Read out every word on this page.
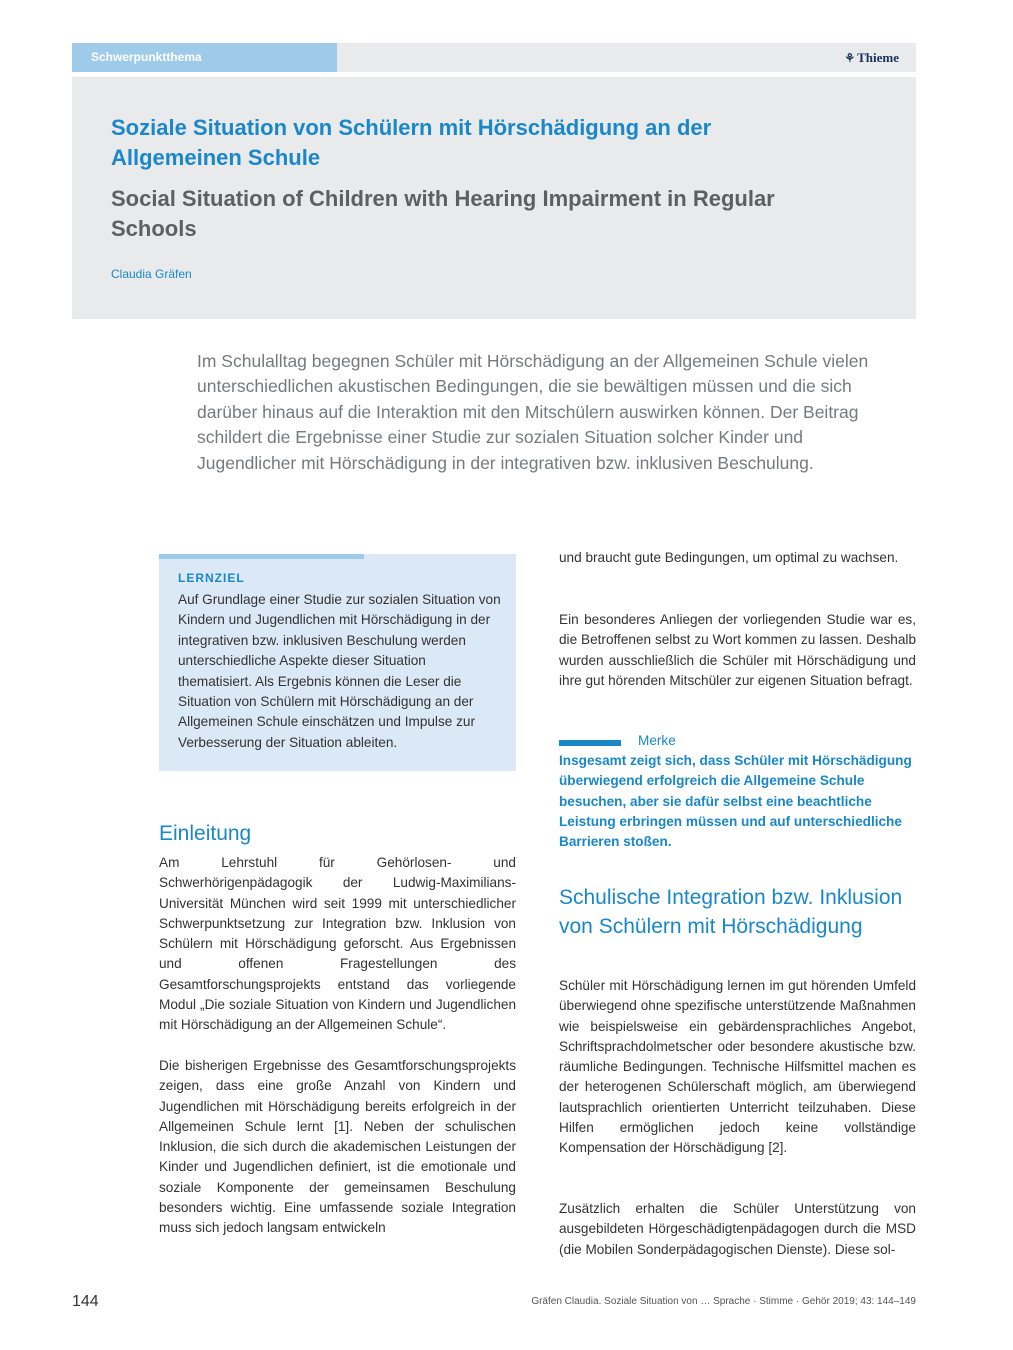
Schwerpunktthema	⚘ Thieme
Soziale Situation von Schülern mit Hörschädigung an der Allgemeinen Schule
Social Situation of Children with Hearing Impairment in Regular Schools
Claudia Gräfen
Im Schulalltag begegnen Schüler mit Hörschädigung an der Allgemeinen Schule vielen unterschiedlichen akustischen Bedingungen, die sie bewältigen müssen und die sich darüber hinaus auf die Interaktion mit den Mitschülern auswirken können. Der Beitrag schildert die Ergebnisse einer Studie zur sozialen Situation solcher Kinder und Jugendlicher mit Hörschädigung in der integrativen bzw. inklusiven Beschulung.
LERNZIEL
Auf Grundlage einer Studie zur sozialen Situation von Kindern und Jugendlichen mit Hörschädigung in der integrativen bzw. inklusiven Beschulung werden unterschiedliche Aspekte dieser Situation thematisiert. Als Ergebnis können die Leser die Situation von Schülern mit Hörschädigung an der Allgemeinen Schule einschätzen und Impulse zur Verbesserung der Situation ableiten.
Einleitung
Am Lehrstuhl für Gehörlosen- und Schwerhörigenpädagogik der Ludwig-Maximilians-Universität München wird seit 1999 mit unterschiedlicher Schwerpunktsetzung zur Integration bzw. Inklusion von Schülern mit Hörschädigung geforscht. Aus Ergebnissen und offenen Fragestellungen des Gesamtforschungsprojekts entstand das vorliegende Modul „Die soziale Situation von Kindern und Jugendlichen mit Hörschädigung an der Allgemeinen Schule“.
Die bisherigen Ergebnisse des Gesamtforschungsprojekts zeigen, dass eine große Anzahl von Kindern und Jugendlichen mit Hörschädigung bereits erfolgreich in der Allgemeinen Schule lernt [1]. Neben der schulischen Inklusion, die sich durch die akademischen Leistungen der Kinder und Jugendlichen definiert, ist die emotionale und soziale Komponente der gemeinsamen Beschulung besonders wichtig. Eine umfassende soziale Integration muss sich jedoch langsam entwickeln
und braucht gute Bedingungen, um optimal zu wachsen.
Ein besonderes Anliegen der vorliegenden Studie war es, die Betroffenen selbst zu Wort kommen zu lassen. Deshalb wurden ausschließlich die Schüler mit Hörschädigung und ihre gut hörenden Mitschüler zur eigenen Situation befragt.
Merke
Insgesamt zeigt sich, dass Schüler mit Hörschädigung überwiegend erfolgreich die Allgemeine Schule besuchen, aber sie dafür selbst eine beachtliche Leistung erbringen müssen und auf unterschiedliche Barrieren stoßen.
Schulische Integration bzw. Inklusion von Schülern mit Hörschädigung
Schüler mit Hörschädigung lernen im gut hörenden Umfeld überwiegend ohne spezifische unterstützende Maßnahmen wie beispielsweise ein gebärdensprachliches Angebot, Schriftsprachdolmetscher oder besondere akustische bzw. räumliche Bedingungen. Technische Hilfsmittel machen es der heterogenen Schülerschaft möglich, am überwiegend lautsprachlich orientierten Unterricht teilzuhaben. Diese Hilfen ermöglichen jedoch keine vollständige Kompensation der Hörschädigung [2].
Zusätzlich erhalten die Schüler Unterstützung von ausgebildeten Hörgeschädigtenpädagogen durch die MSD (die Mobilen Sonderpädagogischen Dienste). Diese sol-
144	Gräfen Claudia. Soziale Situation von … Sprache · Stimme · Gehör 2019; 43: 144–149
